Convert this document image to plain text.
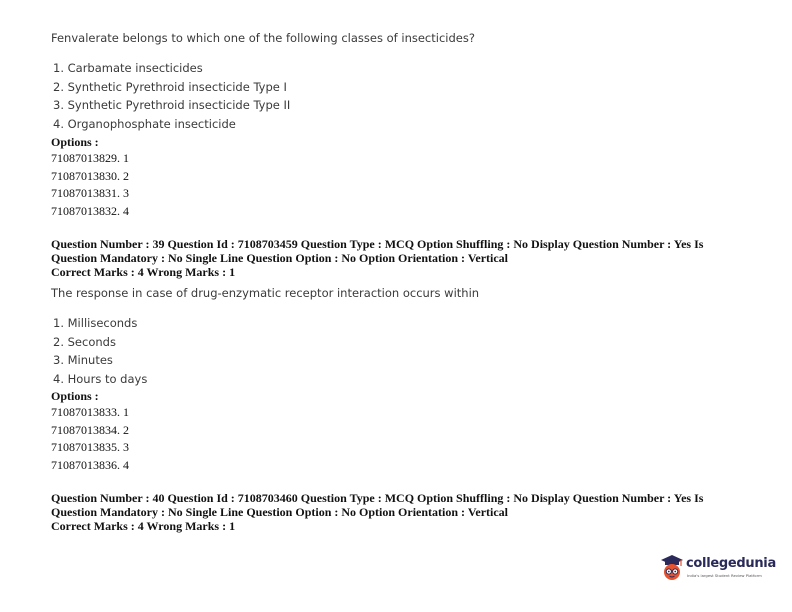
Fenvalerate belongs to which one of the following classes of insecticides?
1. Carbamate insecticides
2. Synthetic Pyrethroid insecticide Type I
3. Synthetic Pyrethroid insecticide Type II
4. Organophosphate insecticide
Options :
71087013829. 1
71087013830. 2
71087013831. 3
71087013832. 4
Question Number : 39 Question Id : 7108703459 Question Type : MCQ Option Shuffling : No Display Question Number : Yes Is
Question Mandatory : No Single Line Question Option : No Option Orientation : Vertical
Correct Marks : 4 Wrong Marks : 1
The response in case of drug-enzymatic receptor interaction occurs within
1. Milliseconds
2. Seconds
3. Minutes
4. Hours to days
Options :
71087013833. 1
71087013834. 2
71087013835. 3
71087013836. 4
Question Number : 40 Question Id : 7108703460 Question Type : MCQ Option Shuffling : No Display Question Number : Yes Is
Question Mandatory : No Single Line Question Option : No Option Orientation : Vertical
Correct Marks : 4 Wrong Marks : 1
collegedunia
India's largest Student Review Platform
